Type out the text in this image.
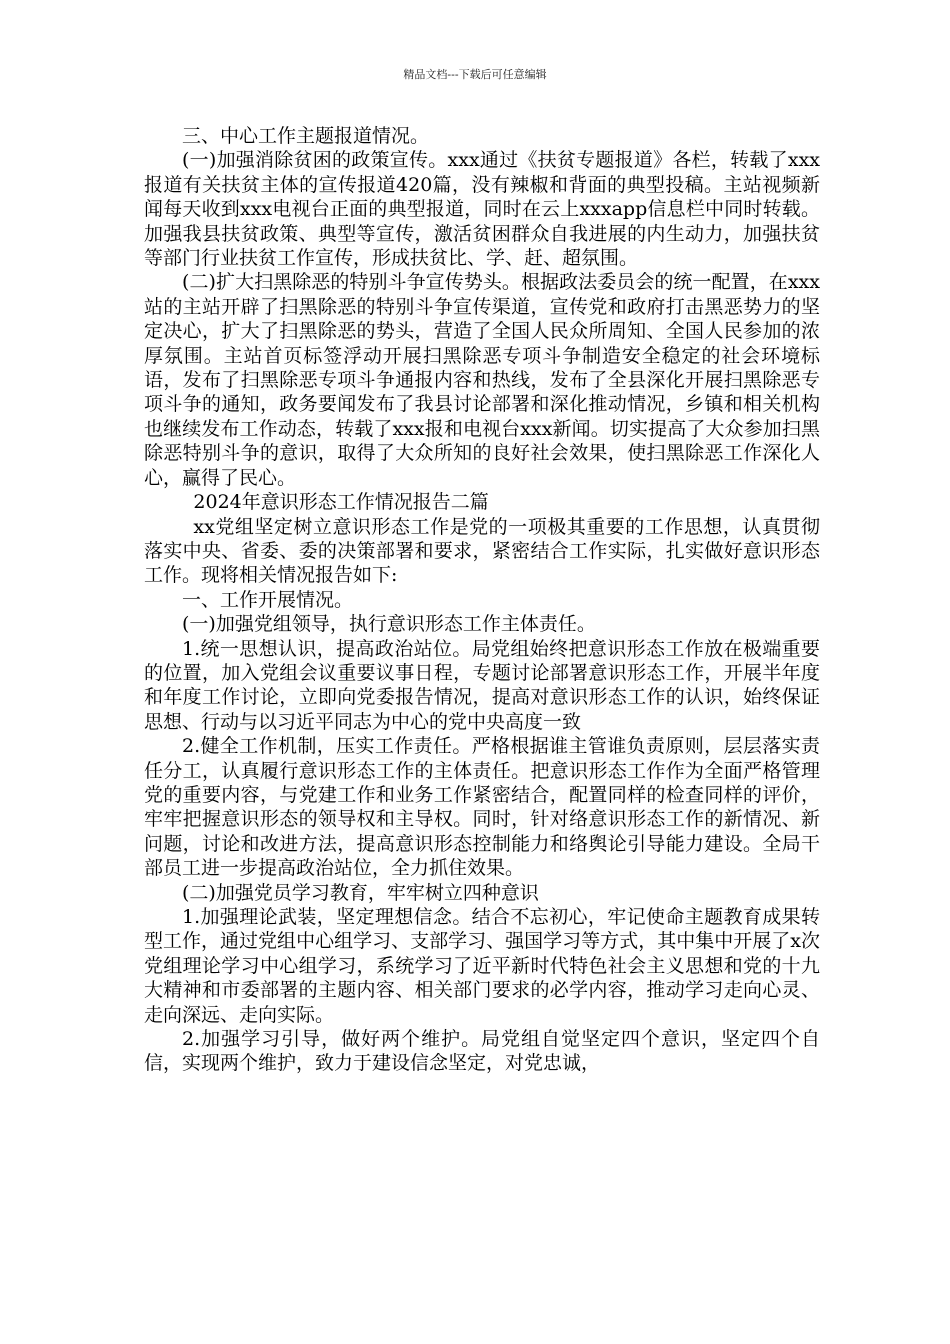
精品文档---下载后可任意编辑

三、中心工作主题报道情况。

(一)加强消除贫困的政策宣传。xxx通过《扶贫专题报道》各栏，转载了xxx报道有关扶贫主体的宣传报道420篇，没有辣椒和背面的典型投稿。主站视频新闻每天收到xxx电视台正面的典型报道，同时在云上xxxapp信息栏中同时转载。加强我县扶贫政策、典型等宣传，激活贫困群众自我进展的内生动力，加强扶贫等部门行业扶贫工作宣传，形成扶贫比、学、赶、超氛围。

(二)扩大扫黑除恶的特别斗争宣传势头。根据政法委员会的统一配置，在xxx站的主站开辟了扫黑除恶的特别斗争宣传渠道，宣传党和政府打击黑恶势力的坚定决心，扩大了扫黑除恶的势头，营造了全国人民众所周知、全国人民参加的浓厚氛围。主站首页标签浮动开展扫黑除恶专项斗争制造安全稳定的社会环境标语，发布了扫黑除恶专项斗争通报内容和热线，发布了全县深化开展扫黑除恶专项斗争的通知，政务要闻发布了我县讨论部署和深化推动情况，乡镇和相关机构也继续发布工作动态，转载了xxx报和电视台xxx新闻。切实提高了大众参加扫黑除恶特别斗争的意识，取得了大众所知的良好社会效果，使扫黑除恶工作深化人心，赢得了民心。

2024年意识形态工作情况报告二篇

xx党组坚定树立意识形态工作是党的一项极其重要的工作思想，认真贯彻落实中央、省委、委的决策部署和要求，紧密结合工作实际，扎实做好意识形态工作。现将相关情况报告如下:

一、工作开展情况。

(一)加强党组领导，执行意识形态工作主体责任。

1.统一思想认识，提高政治站位。局党组始终把意识形态工作放在极端重要的位置，加入党组会议重要议事日程，专题讨论部署意识形态工作，开展半年度和年度工作讨论，立即向党委报告情况，提高对意识形态工作的认识，始终保证思想、行动与以习近平同志为中心的党中央高度一致

2.健全工作机制，压实工作责任。严格根据谁主管谁负责原则，层层落实责任分工，认真履行意识形态工作的主体责任。把意识形态工作作为全面严格管理党的重要内容，与党建工作和业务工作紧密结合，配置同样的检查同样的评价，牢牢把握意识形态的领导权和主导权。同时，针对络意识形态工作的新情况、新问题，讨论和改进方法，提高意识形态控制能力和络舆论引导能力建设。全局干部员工进一步提高政治站位，全力抓住效果。

(二)加强党员学习教育，牢牢树立四种意识

1.加强理论武装，坚定理想信念。结合不忘初心，牢记使命主题教育成果转型工作，通过党组中心组学习、支部学习、强国学习等方式，其中集中开展了x次党组理论学习中心组学习，系统学习了近平新时代特色社会主义思想和党的十九大精神和市委部署的主题内容、相关部门要求的必学内容，推动学习走向心灵、走向深远、走向实际。

2.加强学习引导，做好两个维护。局党组自觉坚定四个意识，坚定四个自信，实现两个维护，致力于建设信念坚定，对党忠诚，
